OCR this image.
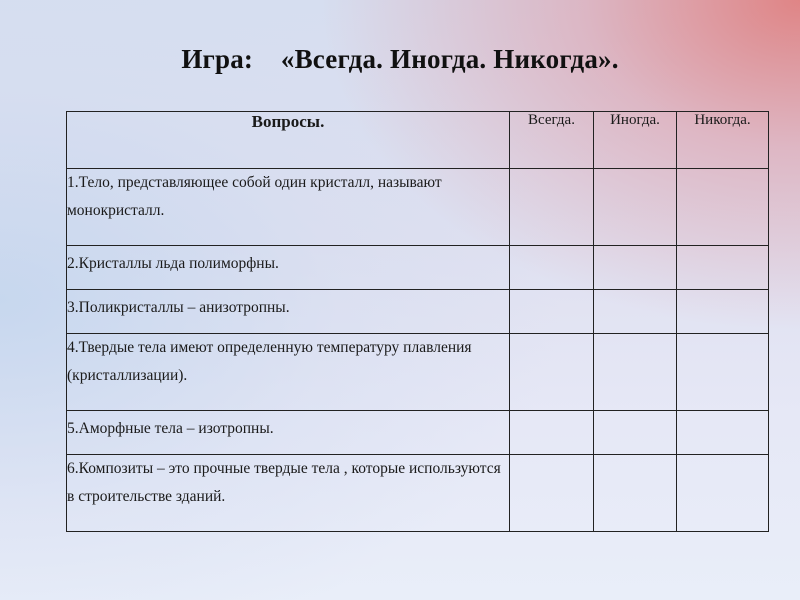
Игра:    «Всегда. Иногда. Никогда».
Вопросы.	Всегда.	Иногда.	Никогда.
1.Тело, представляющее собой один кристалл, называют монокристалл.			
2.Кристаллы льда полиморфны.			
3.Поликристаллы – анизотропны.			
4.Твердые тела имеют определенную температуру плавления (кристаллизации).			
5.Аморфные тела – изотропны.			
6.Композиты – это прочные твердые тела , которые используются в строительстве зданий.			
